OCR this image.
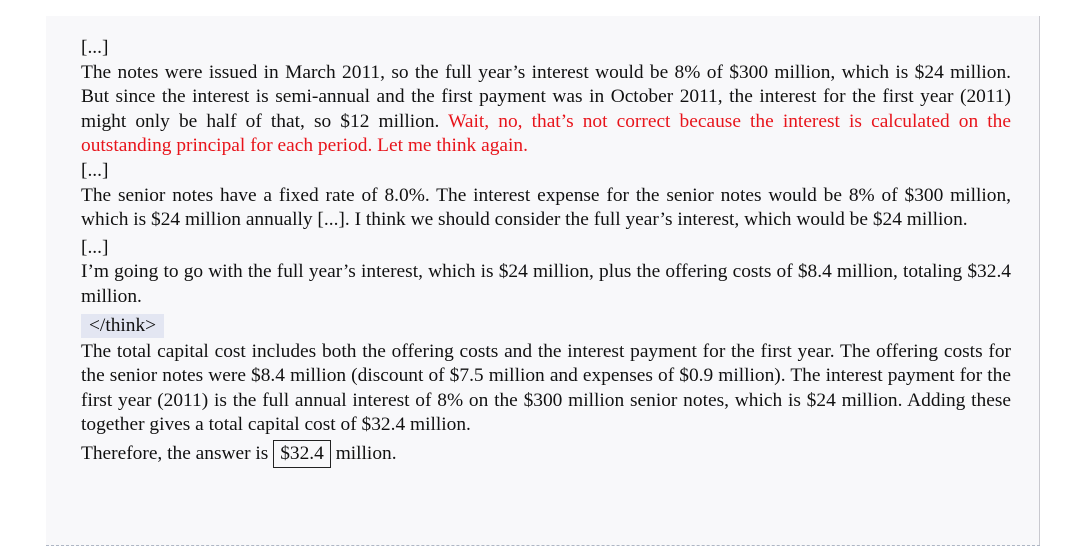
[...]

The notes were issued in March 2011, so the full year’s interest would be 8% of $300 million, which is $24 million. But since the interest is semi-annual and the first payment was in October 2011, the interest for the first year (2011) might only be half of that, so $12 million. Wait, no, that’s not correct because the interest is calculated on the outstanding principal for each period. Let me think again.

[...]

The senior notes have a fixed rate of 8.0%. The interest expense for the senior notes would be 8% of $300 million, which is $24 million annually [...]. I think we should consider the full year’s interest, which would be $24 million.

[...]

I’m going to go with the full year’s interest, which is $24 million, plus the offering costs of $8.4 million, totaling $32.4 million.

</think>

The total capital cost includes both the offering costs and the interest payment for the first year. The offering costs for the senior notes were $8.4 million (discount of $7.5 million and expenses of $0.9 million). The interest payment for the first year (2011) is the full annual interest of 8% on the $300 million senior notes, which is $24 million. Adding these together gives a total capital cost of $32.4 million.

Therefore, the answer is $32.4 million.
